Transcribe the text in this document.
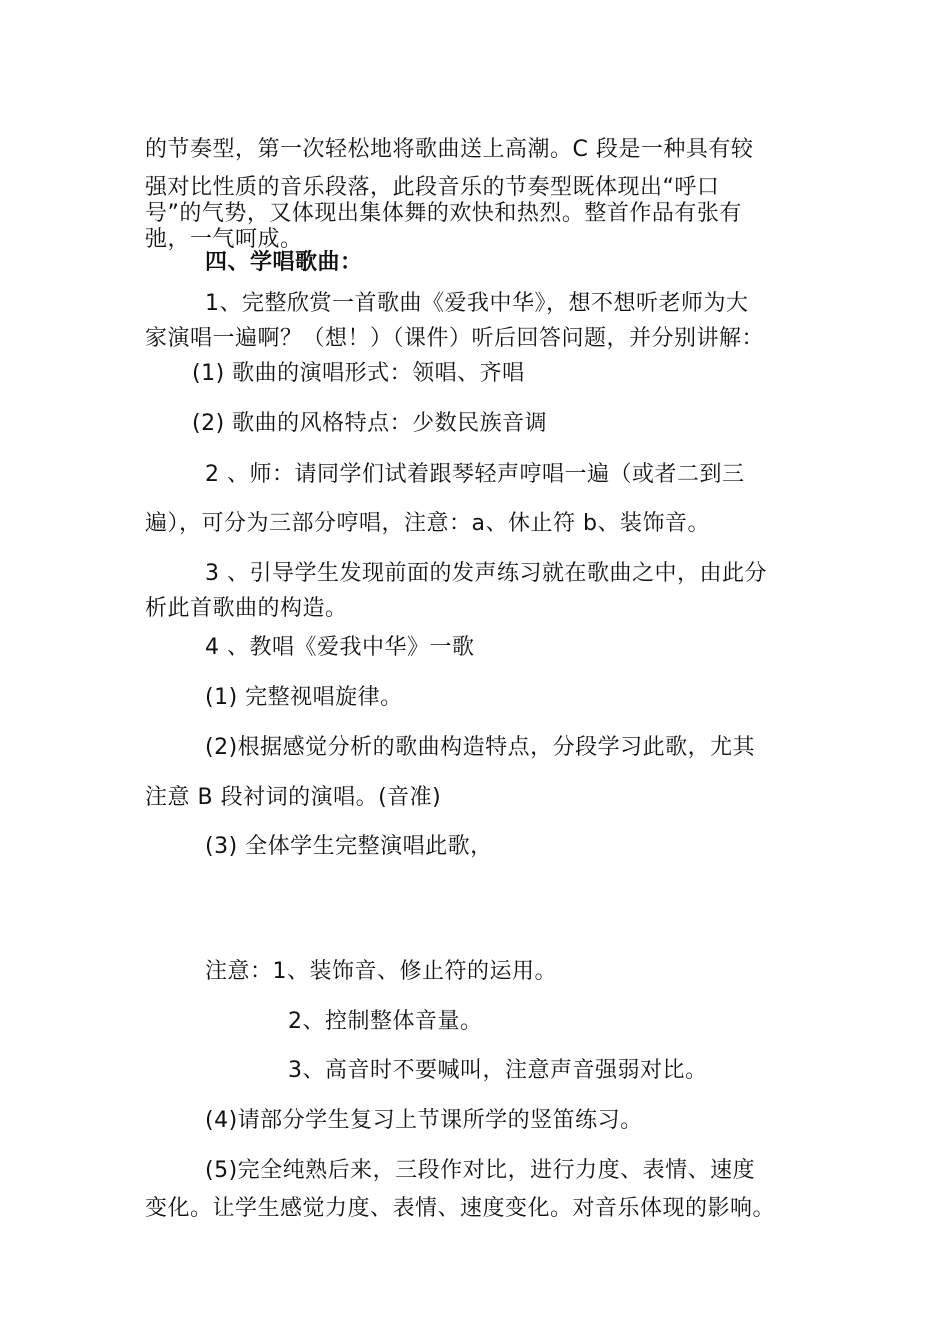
的节奏型，第一次轻松地将歌曲送上高潮。C 段是一种具有较
强对比性质的音乐段落，此段音乐的节奏型既体现出“呼口
号”的气势，又体现出集体舞的欢快和热烈。整首作品有张有
弛，一气呵成。
四、学唱歌曲：
1、完整欣赏一首歌曲《爱我中华》，想不想听老师为大
家演唱一遍啊？（想！）（课件）听后回答问题，并分别讲解：
(1) 歌曲的演唱形式：领唱、齐唱
(2) 歌曲的风格特点：少数民族音调
2 、师：请同学们试着跟琴轻声哼唱一遍（或者二到三
遍），可分为三部分哼唱，注意：a、休止符 b、装饰音。
3 、引导学生发现前面的发声练习就在歌曲之中，由此分
析此首歌曲的构造。
4 、教唱《爱我中华》一歌
(1) 完整视唱旋律。
(2)根据感觉分析的歌曲构造特点，分段学习此歌，尤其
注意 B 段衬词的演唱。(音准)
(3) 全体学生完整演唱此歌，
注意：1、装饰音、修止符的运用。
2、控制整体音量。
3、高音时不要喊叫，注意声音强弱对比。
(4)请部分学生复习上节课所学的竖笛练习。
(5)完全纯熟后来，三段作对比，进行力度、表情、速度
变化。让学生感觉力度、表情、速度变化。对音乐体现的影响。
